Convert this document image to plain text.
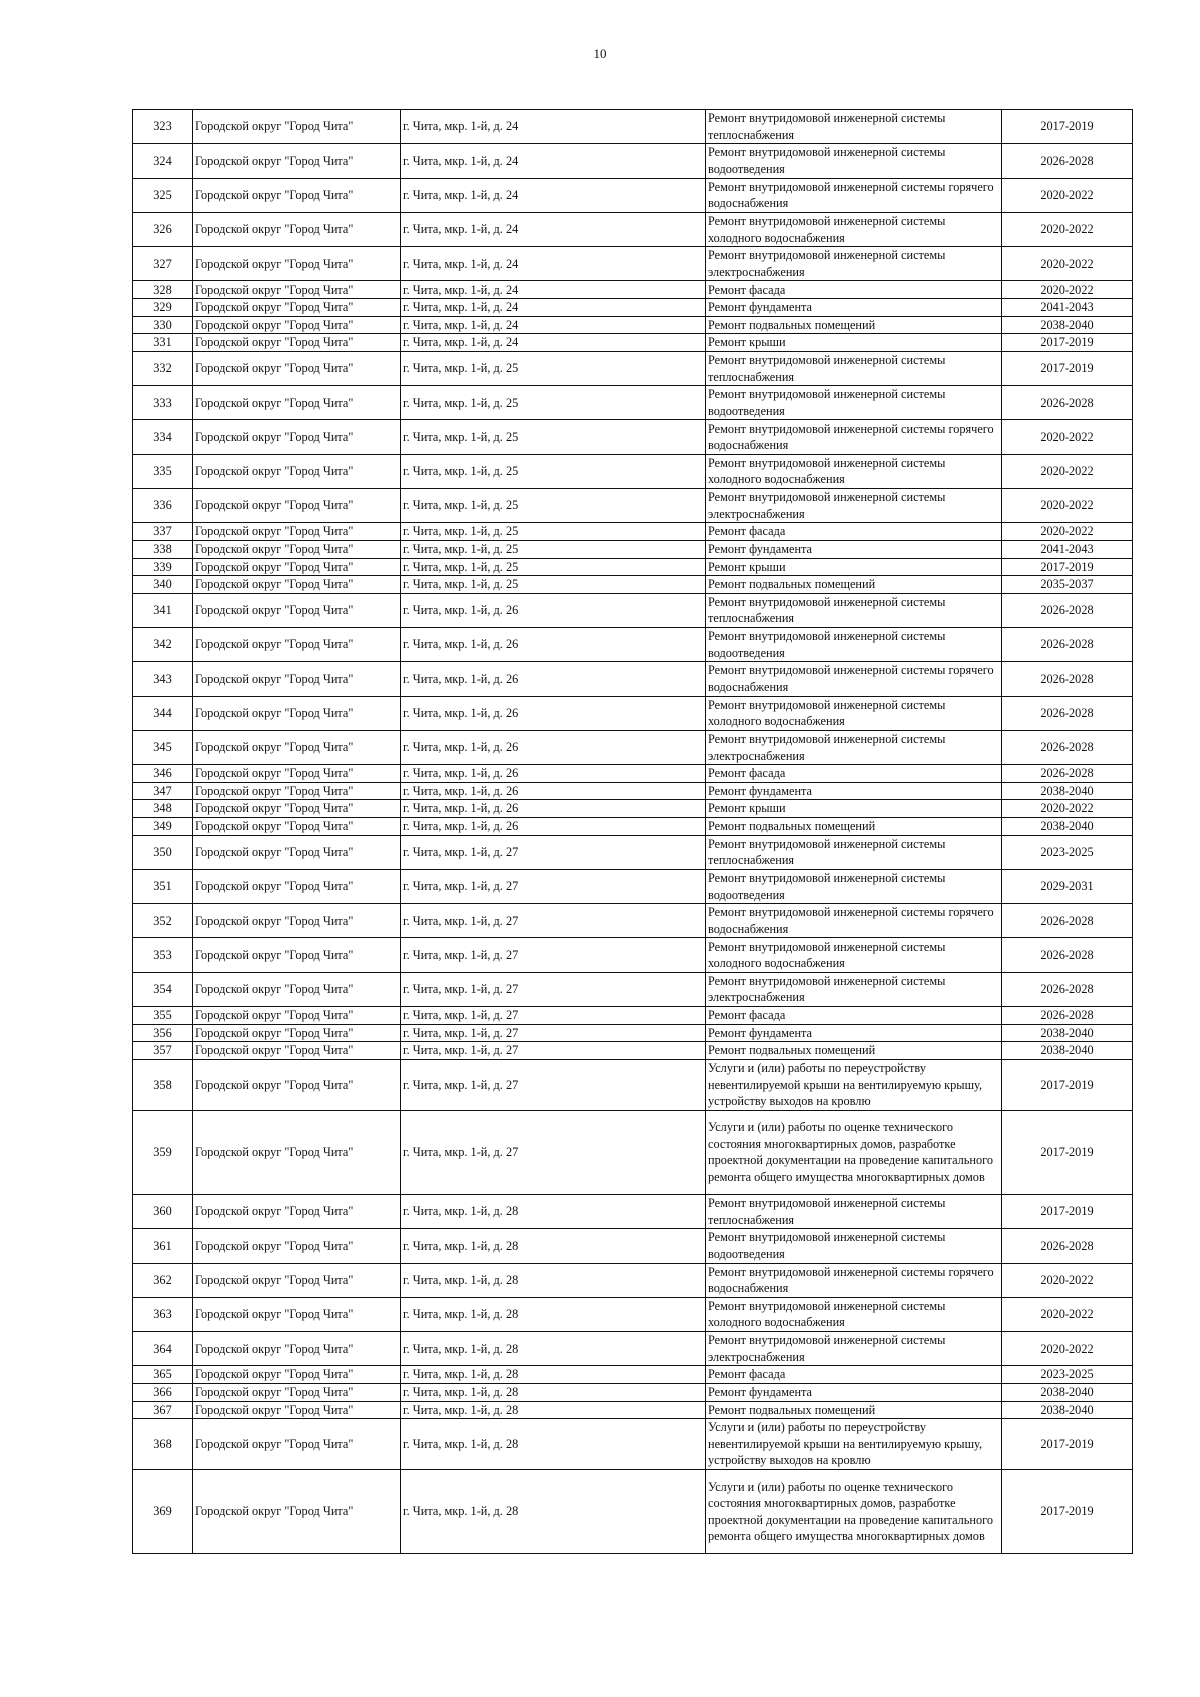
10
323	Городской округ "Город Чита"	г. Чита, мкр. 1-й, д. 24	Ремонт внутридомовой инженерной системы теплоснабжения	2017-2019
324	Городской округ "Город Чита"	г. Чита, мкр. 1-й, д. 24	Ремонт внутридомовой инженерной системы водоотведения	2026-2028
325	Городской округ "Город Чита"	г. Чита, мкр. 1-й, д. 24	Ремонт внутридомовой инженерной системы горячего водоснабжения	2020-2022
326	Городской округ "Город Чита"	г. Чита, мкр. 1-й, д. 24	Ремонт внутридомовой инженерной системы холодного водоснабжения	2020-2022
327	Городской округ "Город Чита"	г. Чита, мкр. 1-й, д. 24	Ремонт внутридомовой инженерной системы электроснабжения	2020-2022
328	Городской округ "Город Чита"	г. Чита, мкр. 1-й, д. 24	Ремонт фасада	2020-2022
329	Городской округ "Город Чита"	г. Чита, мкр. 1-й, д. 24	Ремонт фундамента	2041-2043
330	Городской округ "Город Чита"	г. Чита, мкр. 1-й, д. 24	Ремонт подвальных помещений	2038-2040
331	Городской округ "Город Чита"	г. Чита, мкр. 1-й, д. 24	Ремонт крыши	2017-2019
332	Городской округ "Город Чита"	г. Чита, мкр. 1-й, д. 25	Ремонт внутридомовой инженерной системы теплоснабжения	2017-2019
333	Городской округ "Город Чита"	г. Чита, мкр. 1-й, д. 25	Ремонт внутридомовой инженерной системы водоотведения	2026-2028
334	Городской округ "Город Чита"	г. Чита, мкр. 1-й, д. 25	Ремонт внутридомовой инженерной системы горячего водоснабжения	2020-2022
335	Городской округ "Город Чита"	г. Чита, мкр. 1-й, д. 25	Ремонт внутридомовой инженерной системы холодного водоснабжения	2020-2022
336	Городской округ "Город Чита"	г. Чита, мкр. 1-й, д. 25	Ремонт внутридомовой инженерной системы электроснабжения	2020-2022
337	Городской округ "Город Чита"	г. Чита, мкр. 1-й, д. 25	Ремонт фасада	2020-2022
338	Городской округ "Город Чита"	г. Чита, мкр. 1-й, д. 25	Ремонт фундамента	2041-2043
339	Городской округ "Город Чита"	г. Чита, мкр. 1-й, д. 25	Ремонт крыши	2017-2019
340	Городской округ "Город Чита"	г. Чита, мкр. 1-й, д. 25	Ремонт подвальных помещений	2035-2037
341	Городской округ "Город Чита"	г. Чита, мкр. 1-й, д. 26	Ремонт внутридомовой инженерной системы теплоснабжения	2026-2028
342	Городской округ "Город Чита"	г. Чита, мкр. 1-й, д. 26	Ремонт внутридомовой инженерной системы водоотведения	2026-2028
343	Городской округ "Город Чита"	г. Чита, мкр. 1-й, д. 26	Ремонт внутридомовой инженерной системы горячего водоснабжения	2026-2028
344	Городской округ "Город Чита"	г. Чита, мкр. 1-й, д. 26	Ремонт внутридомовой инженерной системы холодного водоснабжения	2026-2028
345	Городской округ "Город Чита"	г. Чита, мкр. 1-й, д. 26	Ремонт внутридомовой инженерной системы электроснабжения	2026-2028
346	Городской округ "Город Чита"	г. Чита, мкр. 1-й, д. 26	Ремонт фасада	2026-2028
347	Городской округ "Город Чита"	г. Чита, мкр. 1-й, д. 26	Ремонт фундамента	2038-2040
348	Городской округ "Город Чита"	г. Чита, мкр. 1-й, д. 26	Ремонт крыши	2020-2022
349	Городской округ "Город Чита"	г. Чита, мкр. 1-й, д. 26	Ремонт подвальных помещений	2038-2040
350	Городской округ "Город Чита"	г. Чита, мкр. 1-й, д. 27	Ремонт внутридомовой инженерной системы теплоснабжения	2023-2025
351	Городской округ "Город Чита"	г. Чита, мкр. 1-й, д. 27	Ремонт внутридомовой инженерной системы водоотведения	2029-2031
352	Городской округ "Город Чита"	г. Чита, мкр. 1-й, д. 27	Ремонт внутридомовой инженерной системы горячего водоснабжения	2026-2028
353	Городской округ "Город Чита"	г. Чита, мкр. 1-й, д. 27	Ремонт внутридомовой инженерной системы холодного водоснабжения	2026-2028
354	Городской округ "Город Чита"	г. Чита, мкр. 1-й, д. 27	Ремонт внутридомовой инженерной системы электроснабжения	2026-2028
355	Городской округ "Город Чита"	г. Чита, мкр. 1-й, д. 27	Ремонт фасада	2026-2028
356	Городской округ "Город Чита"	г. Чита, мкр. 1-й, д. 27	Ремонт фундамента	2038-2040
357	Городской округ "Город Чита"	г. Чита, мкр. 1-й, д. 27	Ремонт подвальных помещений	2038-2040
358	Городской округ "Город Чита"	г. Чита, мкр. 1-й, д. 27	Услуги и (или) работы по переустройству невентилируемой крыши на вентилируемую крышу, устройству выходов на кровлю	2017-2019
359	Городской округ "Город Чита"	г. Чита, мкр. 1-й, д. 27	Услуги и (или) работы по оценке технического состояния многоквартирных домов, разработке проектной документации на проведение капитального ремонта общего имущества многоквартирных домов	2017-2019
360	Городской округ "Город Чита"	г. Чита, мкр. 1-й, д. 28	Ремонт внутридомовой инженерной системы теплоснабжения	2017-2019
361	Городской округ "Город Чита"	г. Чита, мкр. 1-й, д. 28	Ремонт внутридомовой инженерной системы водоотведения	2026-2028
362	Городской округ "Город Чита"	г. Чита, мкр. 1-й, д. 28	Ремонт внутридомовой инженерной системы горячего водоснабжения	2020-2022
363	Городской округ "Город Чита"	г. Чита, мкр. 1-й, д. 28	Ремонт внутридомовой инженерной системы холодного водоснабжения	2020-2022
364	Городской округ "Город Чита"	г. Чита, мкр. 1-й, д. 28	Ремонт внутридомовой инженерной системы электроснабжения	2020-2022
365	Городской округ "Город Чита"	г. Чита, мкр. 1-й, д. 28	Ремонт фасада	2023-2025
366	Городской округ "Город Чита"	г. Чита, мкр. 1-й, д. 28	Ремонт фундамента	2038-2040
367	Городской округ "Город Чита"	г. Чита, мкр. 1-й, д. 28	Ремонт подвальных помещений	2038-2040
368	Городской округ "Город Чита"	г. Чита, мкр. 1-й, д. 28	Услуги и (или) работы по переустройству невентилируемой крыши на вентилируемую крышу, устройству выходов на кровлю	2017-2019
369	Городской округ "Город Чита"	г. Чита, мкр. 1-й, д. 28	Услуги и (или) работы по оценке технического состояния многоквартирных домов, разработке проектной документации на проведение капитального ремонта общего имущества многоквартирных домов	2017-2019
